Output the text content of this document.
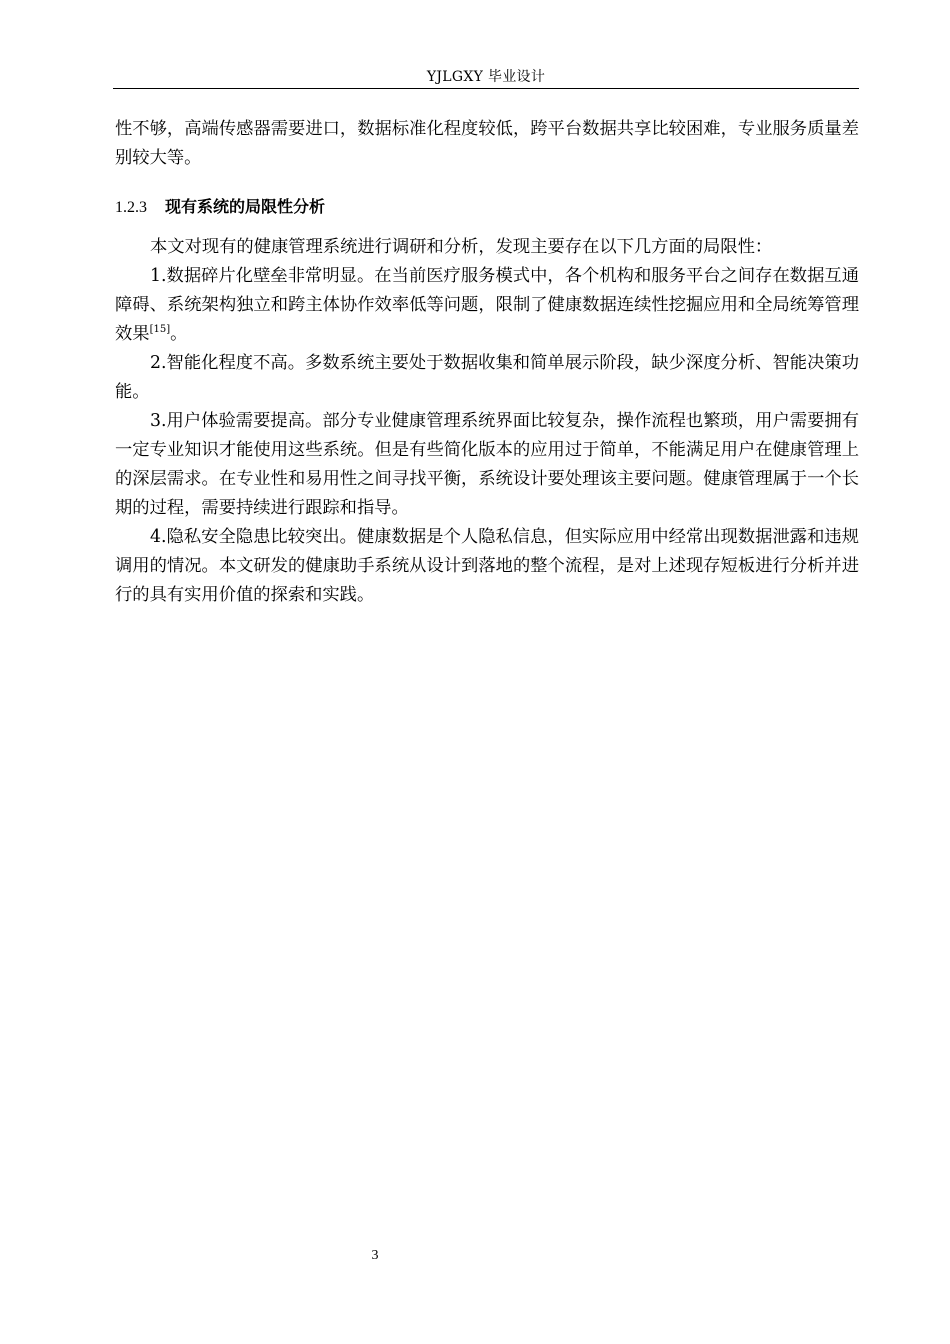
YJLGXY 毕业设计

性不够，高端传感器需要进口，数据标准化程度较低，跨平台数据共享比较困难，专业服务质量差别较大等。

1.2.3 现有系统的局限性分析

本文对现有的健康管理系统进行调研和分析，发现主要存在以下几方面的局限性：

1.数据碎片化壁垒非常明显。在当前医疗服务模式中，各个机构和服务平台之间存在数据互通障碍、系统架构独立和跨主体协作效率低等问题，限制了健康数据连续性挖掘应用和全局统筹管理效果[15]。

2.智能化程度不高。多数系统主要处于数据收集和简单展示阶段，缺少深度分析、智能决策功能。

3.用户体验需要提高。部分专业健康管理系统界面比较复杂，操作流程也繁琐，用户需要拥有一定专业知识才能使用这些系统。但是有些简化版本的应用过于简单，不能满足用户在健康管理上的深层需求。在专业性和易用性之间寻找平衡，系统设计要处理该主要问题。健康管理属于一个长期的过程，需要持续进行跟踪和指导。

4.隐私安全隐患比较突出。健康数据是个人隐私信息，但实际应用中经常出现数据泄露和违规调用的情况。本文研发的健康助手系统从设计到落地的整个流程，是对上述现存短板进行分析并进行的具有实用价值的探索和实践。

3
